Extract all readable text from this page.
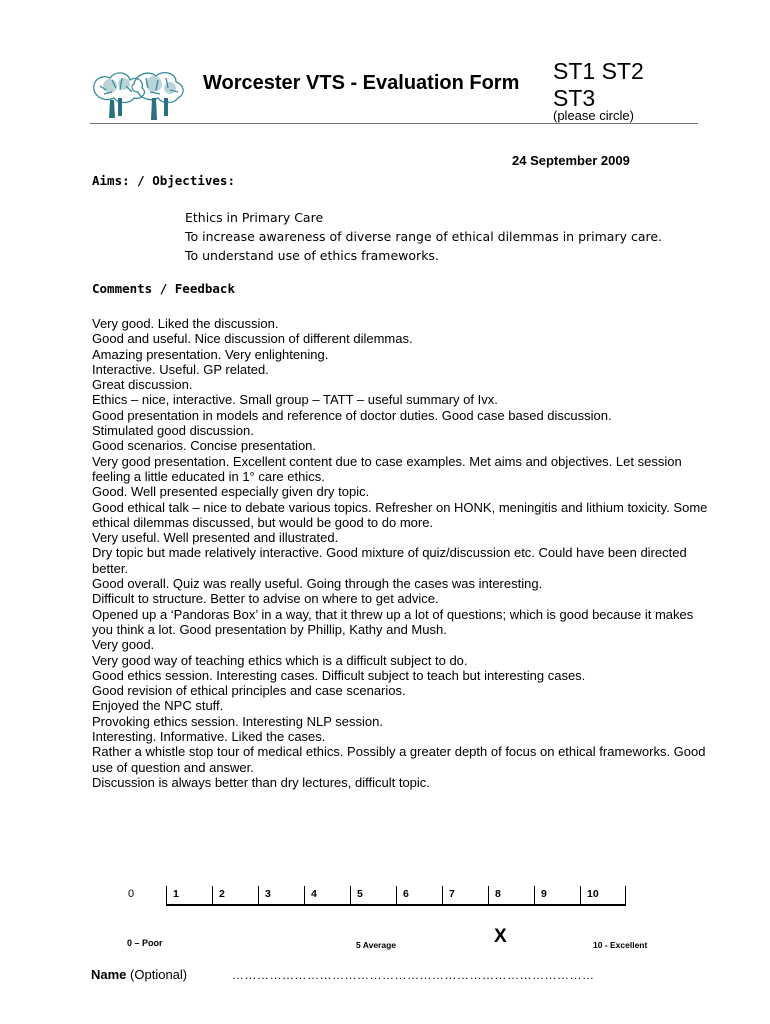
Worcester VTS - Evaluation Form ST1 ST2 ST3
(please circle)
24 September 2009
Aims: / Objectives:
Ethics in Primary Care
To increase awareness of diverse range of ethical dilemmas in primary care.
To understand use of ethics frameworks.
Comments / Feedback
Very good. Liked the discussion.
Good and useful. Nice discussion of different dilemmas.
Amazing presentation. Very enlightening.
Interactive. Useful. GP related.
Great discussion.
Ethics – nice, interactive. Small group – TATT – useful summary of Ivx.
Good presentation in models and reference of doctor duties. Good case based discussion.
Stimulated good discussion.
Good scenarios. Concise presentation.
Very good presentation. Excellent content due to case examples. Met aims and objectives. Let session feeling a little educated in 1° care ethics.
Good. Well presented especially given dry topic.
Good ethical talk – nice to debate various topics. Refresher on HONK, meningitis and lithium toxicity. Some ethical dilemmas discussed, but would be good to do more.
Very useful. Well presented and illustrated.
Dry topic but made relatively interactive. Good mixture of quiz/discussion etc. Could have been directed better.
Good overall. Quiz was really useful. Going through the cases was interesting.
Difficult to structure. Better to advise on where to get advice.
Opened up a ‘Pandoras Box’ in a way, that it threw up a lot of questions; which is good because it makes you think a lot. Good presentation by Phillip, Kathy and Mush.
Very good.
Very good way of teaching ethics which is a difficult subject to do.
Good ethics session. Interesting cases. Difficult subject to teach but interesting cases.
Good revision of ethical principles and case scenarios.
Enjoyed the NPC stuff.
Provoking ethics session. Interesting NLP session.
Interesting. Informative. Liked the cases.
Rather a whistle stop tour of medical ethics. Possibly a greater depth of focus on ethical frameworks. Good use of question and answer.
Discussion is always better than dry lectures, difficult topic.
0	1	2	3	4	5	6	7	8	9	10
0 – Poor	5 Average	X	10 - Excellent
Name (Optional)	……………………………………………………………………………
